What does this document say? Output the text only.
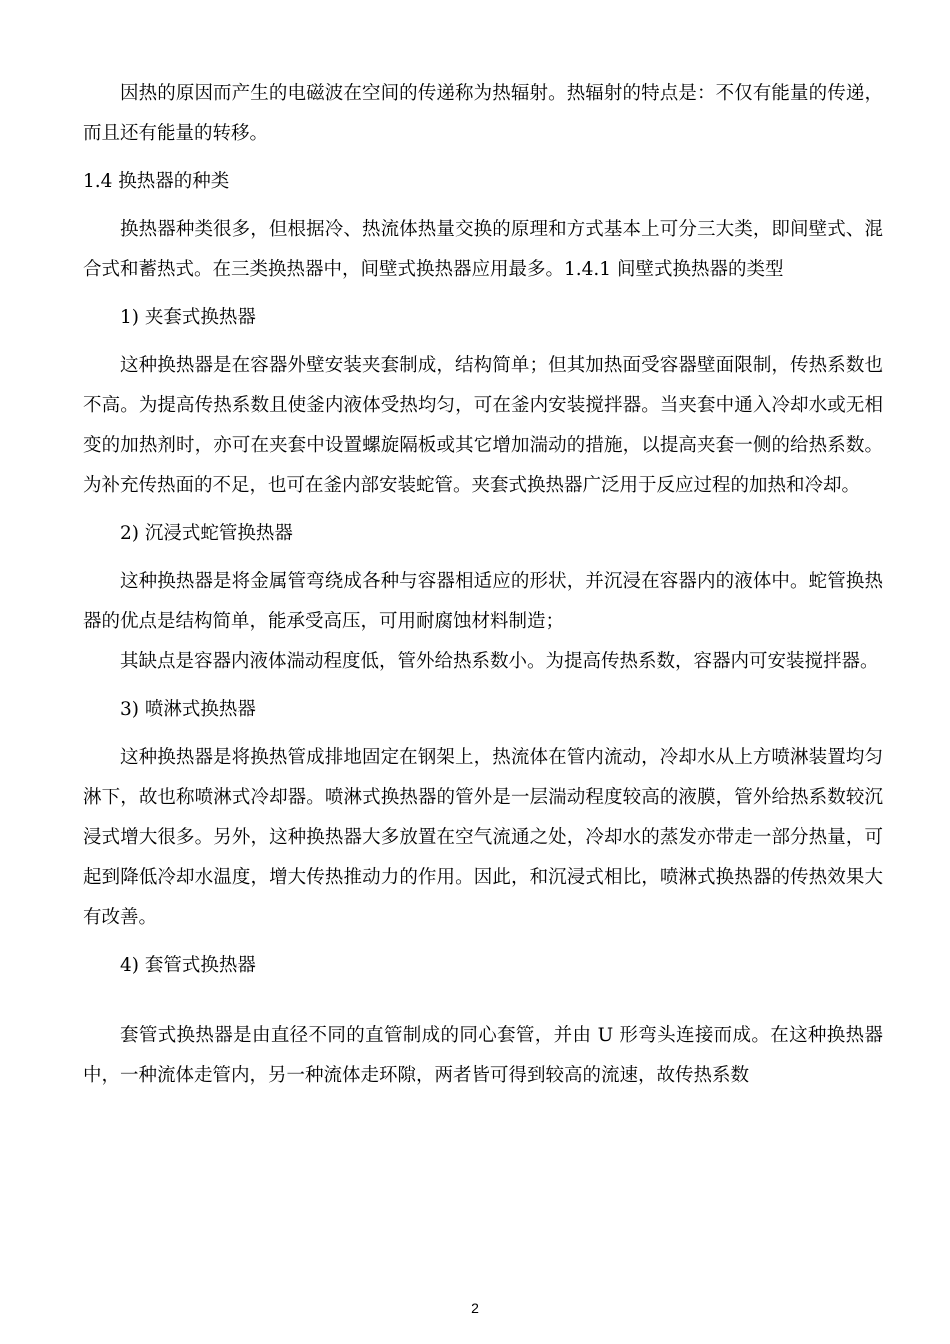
因热的原因而产生的电磁波在空间的传递称为热辐射。热辐射的特点是：不仅有能量的传递，而且还有能量的转移。

1.4 换热器的种类

换热器种类很多，但根据冷、热流体热量交换的原理和方式基本上可分三大类，即间壁式、混合式和蓄热式。在三类换热器中，间壁式换热器应用最多。1.4.1 间壁式换热器的类型

1) 夹套式换热器

这种换热器是在容器外壁安装夹套制成，结构简单；但其加热面受容器壁面限制，传热系数也不高。为提高传热系数且使釜内液体受热均匀，可在釜内安装搅拌器。当夹套中通入冷却水或无相变的加热剂时，亦可在夹套中设置螺旋隔板或其它增加湍动的措施，以提高夹套一侧的给热系数。为补充传热面的不足，也可在釜内部安装蛇管。夹套式换热器广泛用于反应过程的加热和冷却。

2) 沉浸式蛇管换热器

这种换热器是将金属管弯绕成各种与容器相适应的形状，并沉浸在容器内的液体中。蛇管换热器的优点是结构简单，能承受高压，可用耐腐蚀材料制造；

其缺点是容器内液体湍动程度低，管外给热系数小。为提高传热系数，容器内可安装搅拌器。

3) 喷淋式换热器

这种换热器是将换热管成排地固定在钢架上，热流体在管内流动，冷却水从上方喷淋装置均匀淋下，故也称喷淋式冷却器。喷淋式换热器的管外是一层湍动程度较高的液膜，管外给热系数较沉浸式增大很多。另外，这种换热器大多放置在空气流通之处，冷却水的蒸发亦带走一部分热量，可起到降低冷却水温度，增大传热推动力的作用。因此，和沉浸式相比，喷淋式换热器的传热效果大有改善。

4) 套管式换热器

套管式换热器是由直径不同的直管制成的同心套管，并由 U 形弯头连接而成。在这种换热器中，一种流体走管内，另一种流体走环隙，两者皆可得到较高的流速，故传热系数

2
